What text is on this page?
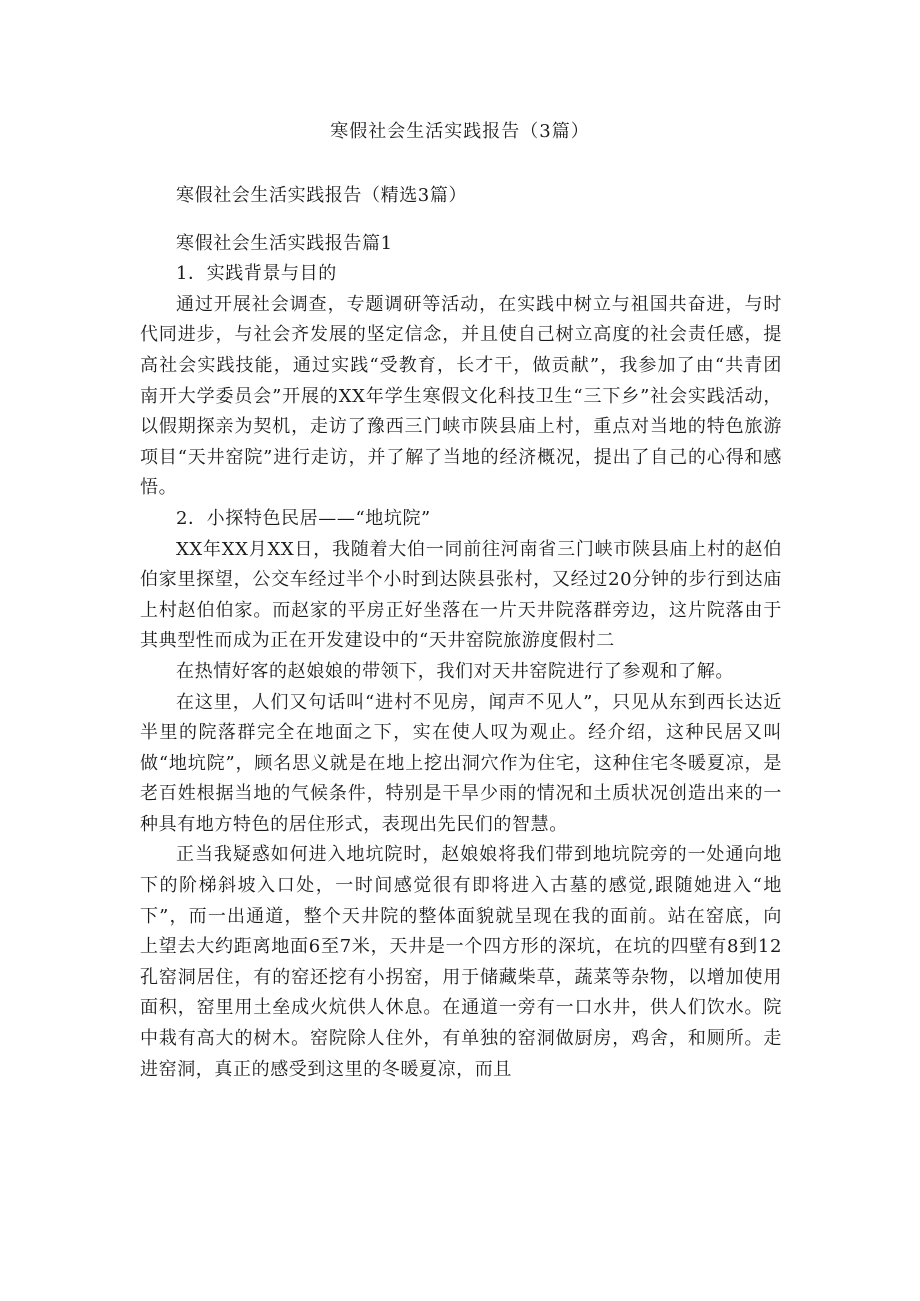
寒假社会生活实践报告（3篇）

寒假社会生活实践报告（精选3篇）

寒假社会生活实践报告篇1

1．实践背景与目的

通过开展社会调查，专题调研等活动，在实践中树立与祖国共奋进，与时代同进步，与社会齐发展的坚定信念，并且使自己树立高度的社会责任感，提高社会实践技能，通过实践“受教育，长才干，做贡献”，我参加了由“共青团南开大学委员会”开展的XX年学生寒假文化科技卫生“三下乡”社会实践活动，以假期探亲为契机，走访了豫西三门峡市陕县庙上村，重点对当地的特色旅游项目“天井窑院”进行走访，并了解了当地的经济概况，提出了自己的心得和感悟。

2．小探特色民居——“地坑院”

XX年XX月XX日，我随着大伯一同前往河南省三门峡市陕县庙上村的赵伯伯家里探望，公交车经过半个小时到达陕县张村，又经过20分钟的步行到达庙上村赵伯伯家。而赵家的平房正好坐落在一片天井院落群旁边，这片院落由于其典型性而成为正在开发建设中的“天井窑院旅游度假村二

在热情好客的赵娘娘的带领下，我们对天井窑院进行了参观和了解。

在这里，人们又句话叫“进村不见房，闻声不见人”，只见从东到西长达近半里的院落群完全在地面之下，实在使人叹为观止。经介绍，这种民居又叫做“地坑院”，顾名思义就是在地上挖出洞穴作为住宅，这种住宅冬暖夏凉，是老百姓根据当地的气候条件，特别是干旱少雨的情况和土质状况创造出来的一种具有地方特色的居住形式，表现出先民们的智慧。

正当我疑惑如何进入地坑院时，赵娘娘将我们带到地坑院旁的一处通向地下的阶梯斜坡入口处，一时间感觉很有即将进入古墓的感觉,跟随她进入“地下”，而一出通道，整个天井院的整体面貌就呈现在我的面前。站在窑底，向上望去大约距离地面6至7米，天井是一个四方形的深坑，在坑的四壁有8到12孔窑洞居住，有的窑还挖有小拐窑，用于储藏柴草，蔬菜等杂物，以增加使用面积，窑里用土垒成火炕供人休息。在通道一旁有一口水井，供人们饮水。院中栽有高大的树木。窑院除人住外，有单独的窑洞做厨房，鸡舍，和厕所。走进窑洞，真正的感受到这里的冬暖夏凉，而且
